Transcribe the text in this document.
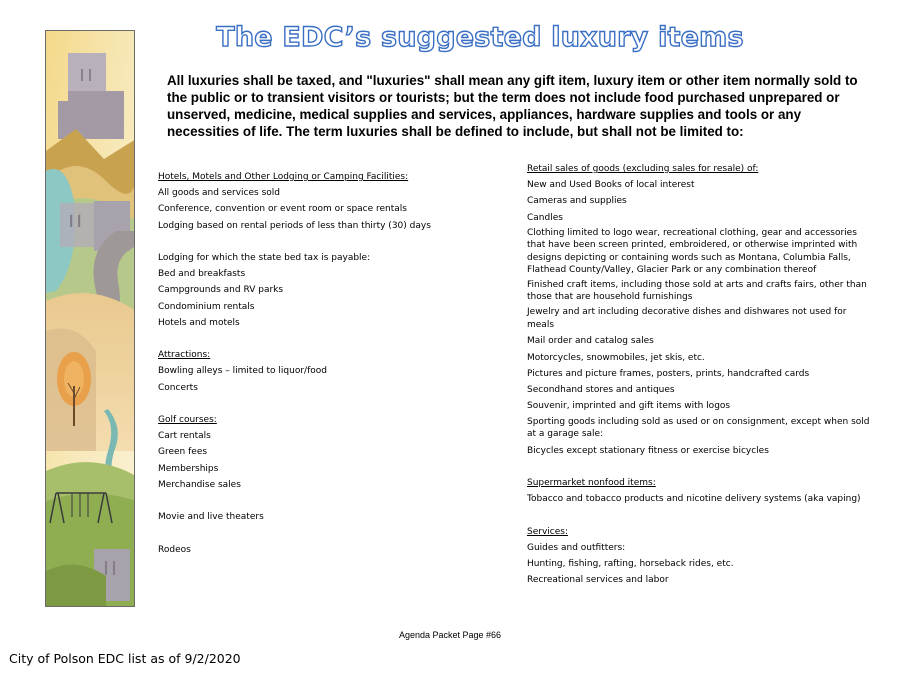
The EDC’s suggested luxury items

All luxuries shall be taxed, and "luxuries" shall mean any gift item, luxury item or other item normally sold to the public or to transient visitors or tourists; but the term does not include food purchased unprepared or unserved, medicine, medical supplies and services, appliances, hardware supplies and tools or any necessities of life. The term luxuries shall be defined to include, but shall not be limited to:

Hotels, Motels and Other Lodging or Camping Facilities:

All goods and services sold

Conference, convention or event room or space rentals

Lodging based on rental periods of less than thirty (30) days

Lodging for which the state bed tax is payable:

Bed and breakfasts

Campgrounds and RV parks

Condominium rentals

Hotels and motels

Attractions:

Bowling alleys – limited to liquor/food

Concerts

Golf courses:

Cart rentals

Green fees

Memberships

Merchandise sales

Movie and live theaters

Rodeos

Retail sales of goods (excluding sales for resale) of:

New and Used Books of local interest

Cameras and supplies

Candles

Clothing limited to logo wear, recreational clothing, gear and accessories that have been screen printed, embroidered, or otherwise imprinted with designs depicting or containing words such as Montana, Columbia Falls, Flathead County/Valley, Glacier Park or any combination thereof

Finished craft items, including those sold at arts and crafts fairs, other than those that are household furnishings

Jewelry and art including decorative dishes and dishwares not used for meals

Mail order and catalog sales

Motorcycles, snowmobiles, jet skis, etc.

Pictures and picture frames, posters, prints, handcrafted cards

Secondhand stores and antiques

Souvenir, imprinted and gift items with logos

Sporting goods including sold as used or on consignment, except when sold at a garage sale:

Bicycles except stationary fitness or exercise bicycles

Supermarket nonfood items:

Tobacco and tobacco products and nicotine delivery systems (aka vaping)

Services:

Guides and outfitters:

Hunting, fishing, rafting, horseback rides, etc.

Recreational services and labor

Agenda Packet Page #66
City of Polson EDC list as of 9/2/2020
